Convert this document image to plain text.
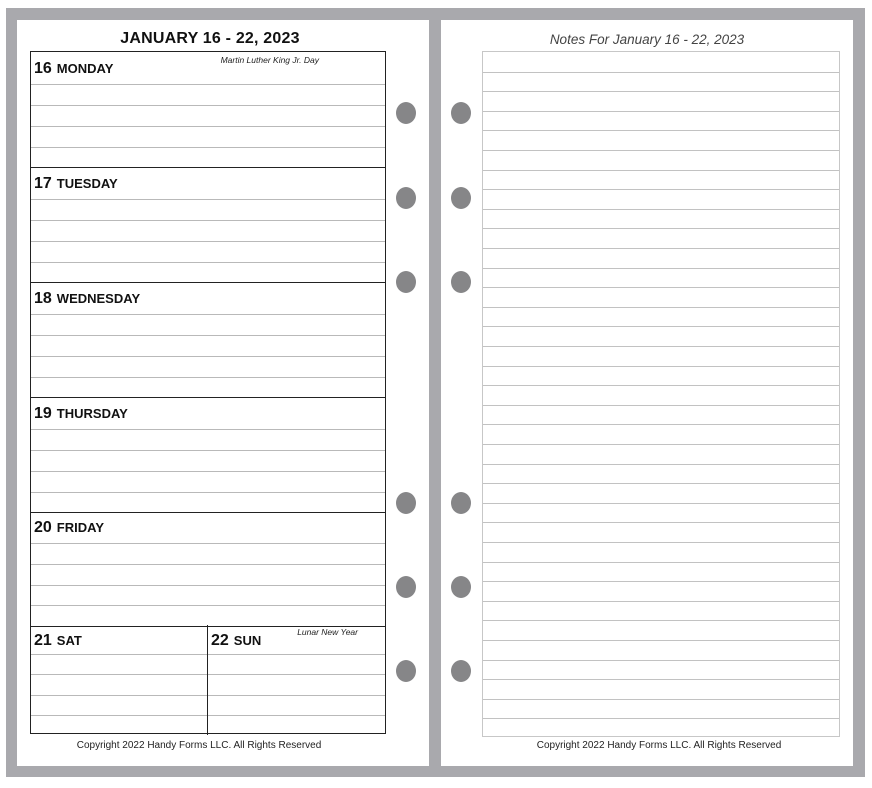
JANUARY 16 - 22, 2023
16 MONDAY
Martin Luther King Jr. Day
17 TUESDAY
18 WEDNESDAY
19 THURSDAY
20 FRIDAY
21 SAT	22 SUN
Lunar New Year
Copyright 2022 Handy Forms LLC. All Rights Reserved
Notes For January 16 - 22, 2023
Copyright 2022 Handy Forms LLC. All Rights Reserved
